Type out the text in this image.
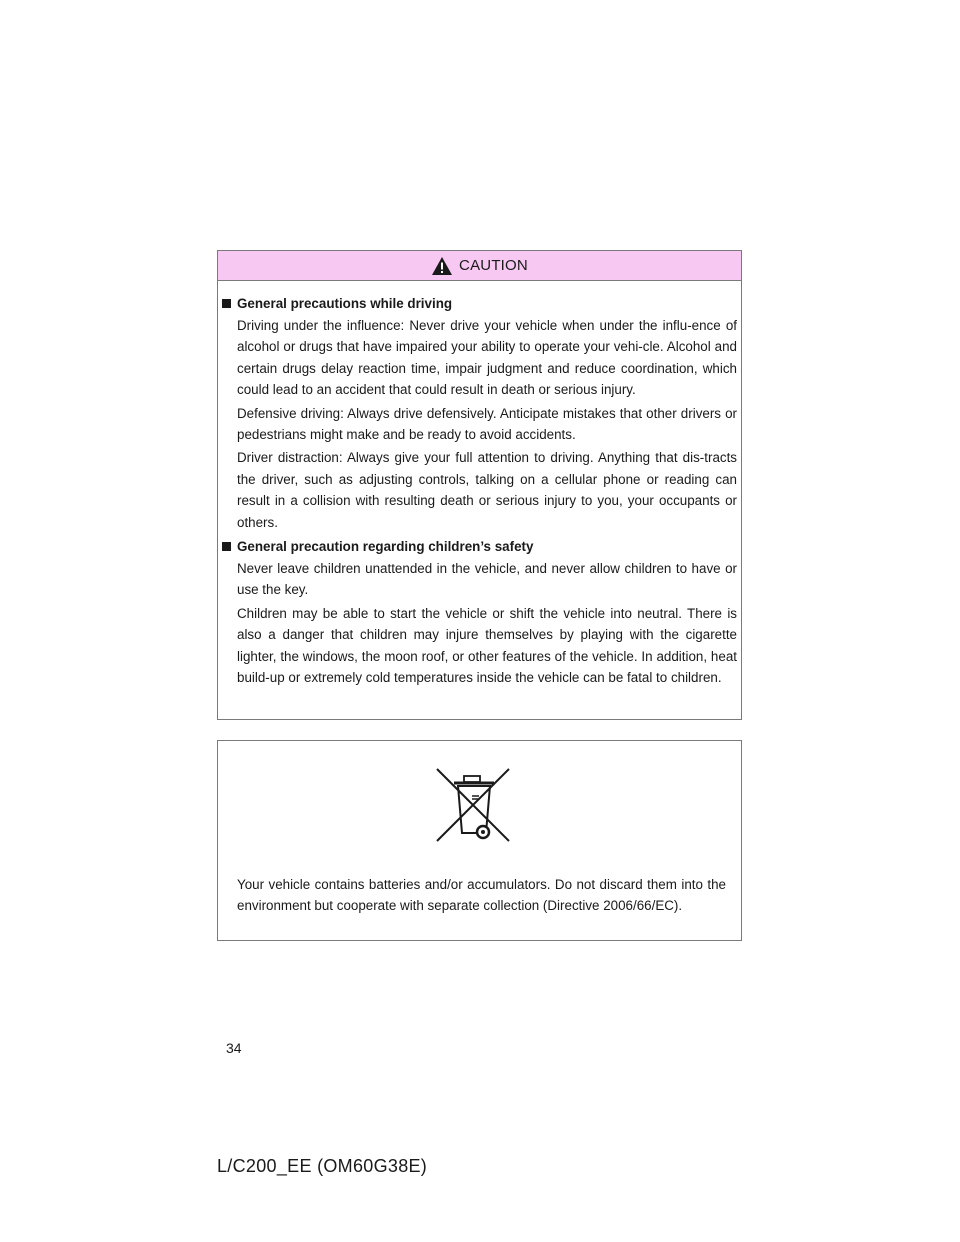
CAUTION
General precautions while driving

Driving under the influence: Never drive your vehicle when under the influ-ence of alcohol or drugs that have impaired your ability to operate your vehi-cle. Alcohol and certain drugs delay reaction time, impair judgment and reduce coordination, which could lead to an accident that could result in death or serious injury.

Defensive driving: Always drive defensively. Anticipate mistakes that other drivers or pedestrians might make and be ready to avoid accidents.

Driver distraction: Always give your full attention to driving. Anything that dis-tracts the driver, such as adjusting controls, talking on a cellular phone or reading can result in a collision with resulting death or serious injury to you, your occupants or others.

General precaution regarding children’s safety

Never leave children unattended in the vehicle, and never allow children to have or use the key.

Children may be able to start the vehicle or shift the vehicle into neutral. There is also a danger that children may injure themselves by playing with the cigarette lighter, the windows, the moon roof, or other features of the vehicle. In addition, heat build-up or extremely cold temperatures inside the vehicle can be fatal to children.

Your vehicle contains batteries and/or accumulators. Do not discard them into the environment but cooperate with separate collection (Directive 2006/66/EC).

34
L/C200_EE (OM60G38E)
